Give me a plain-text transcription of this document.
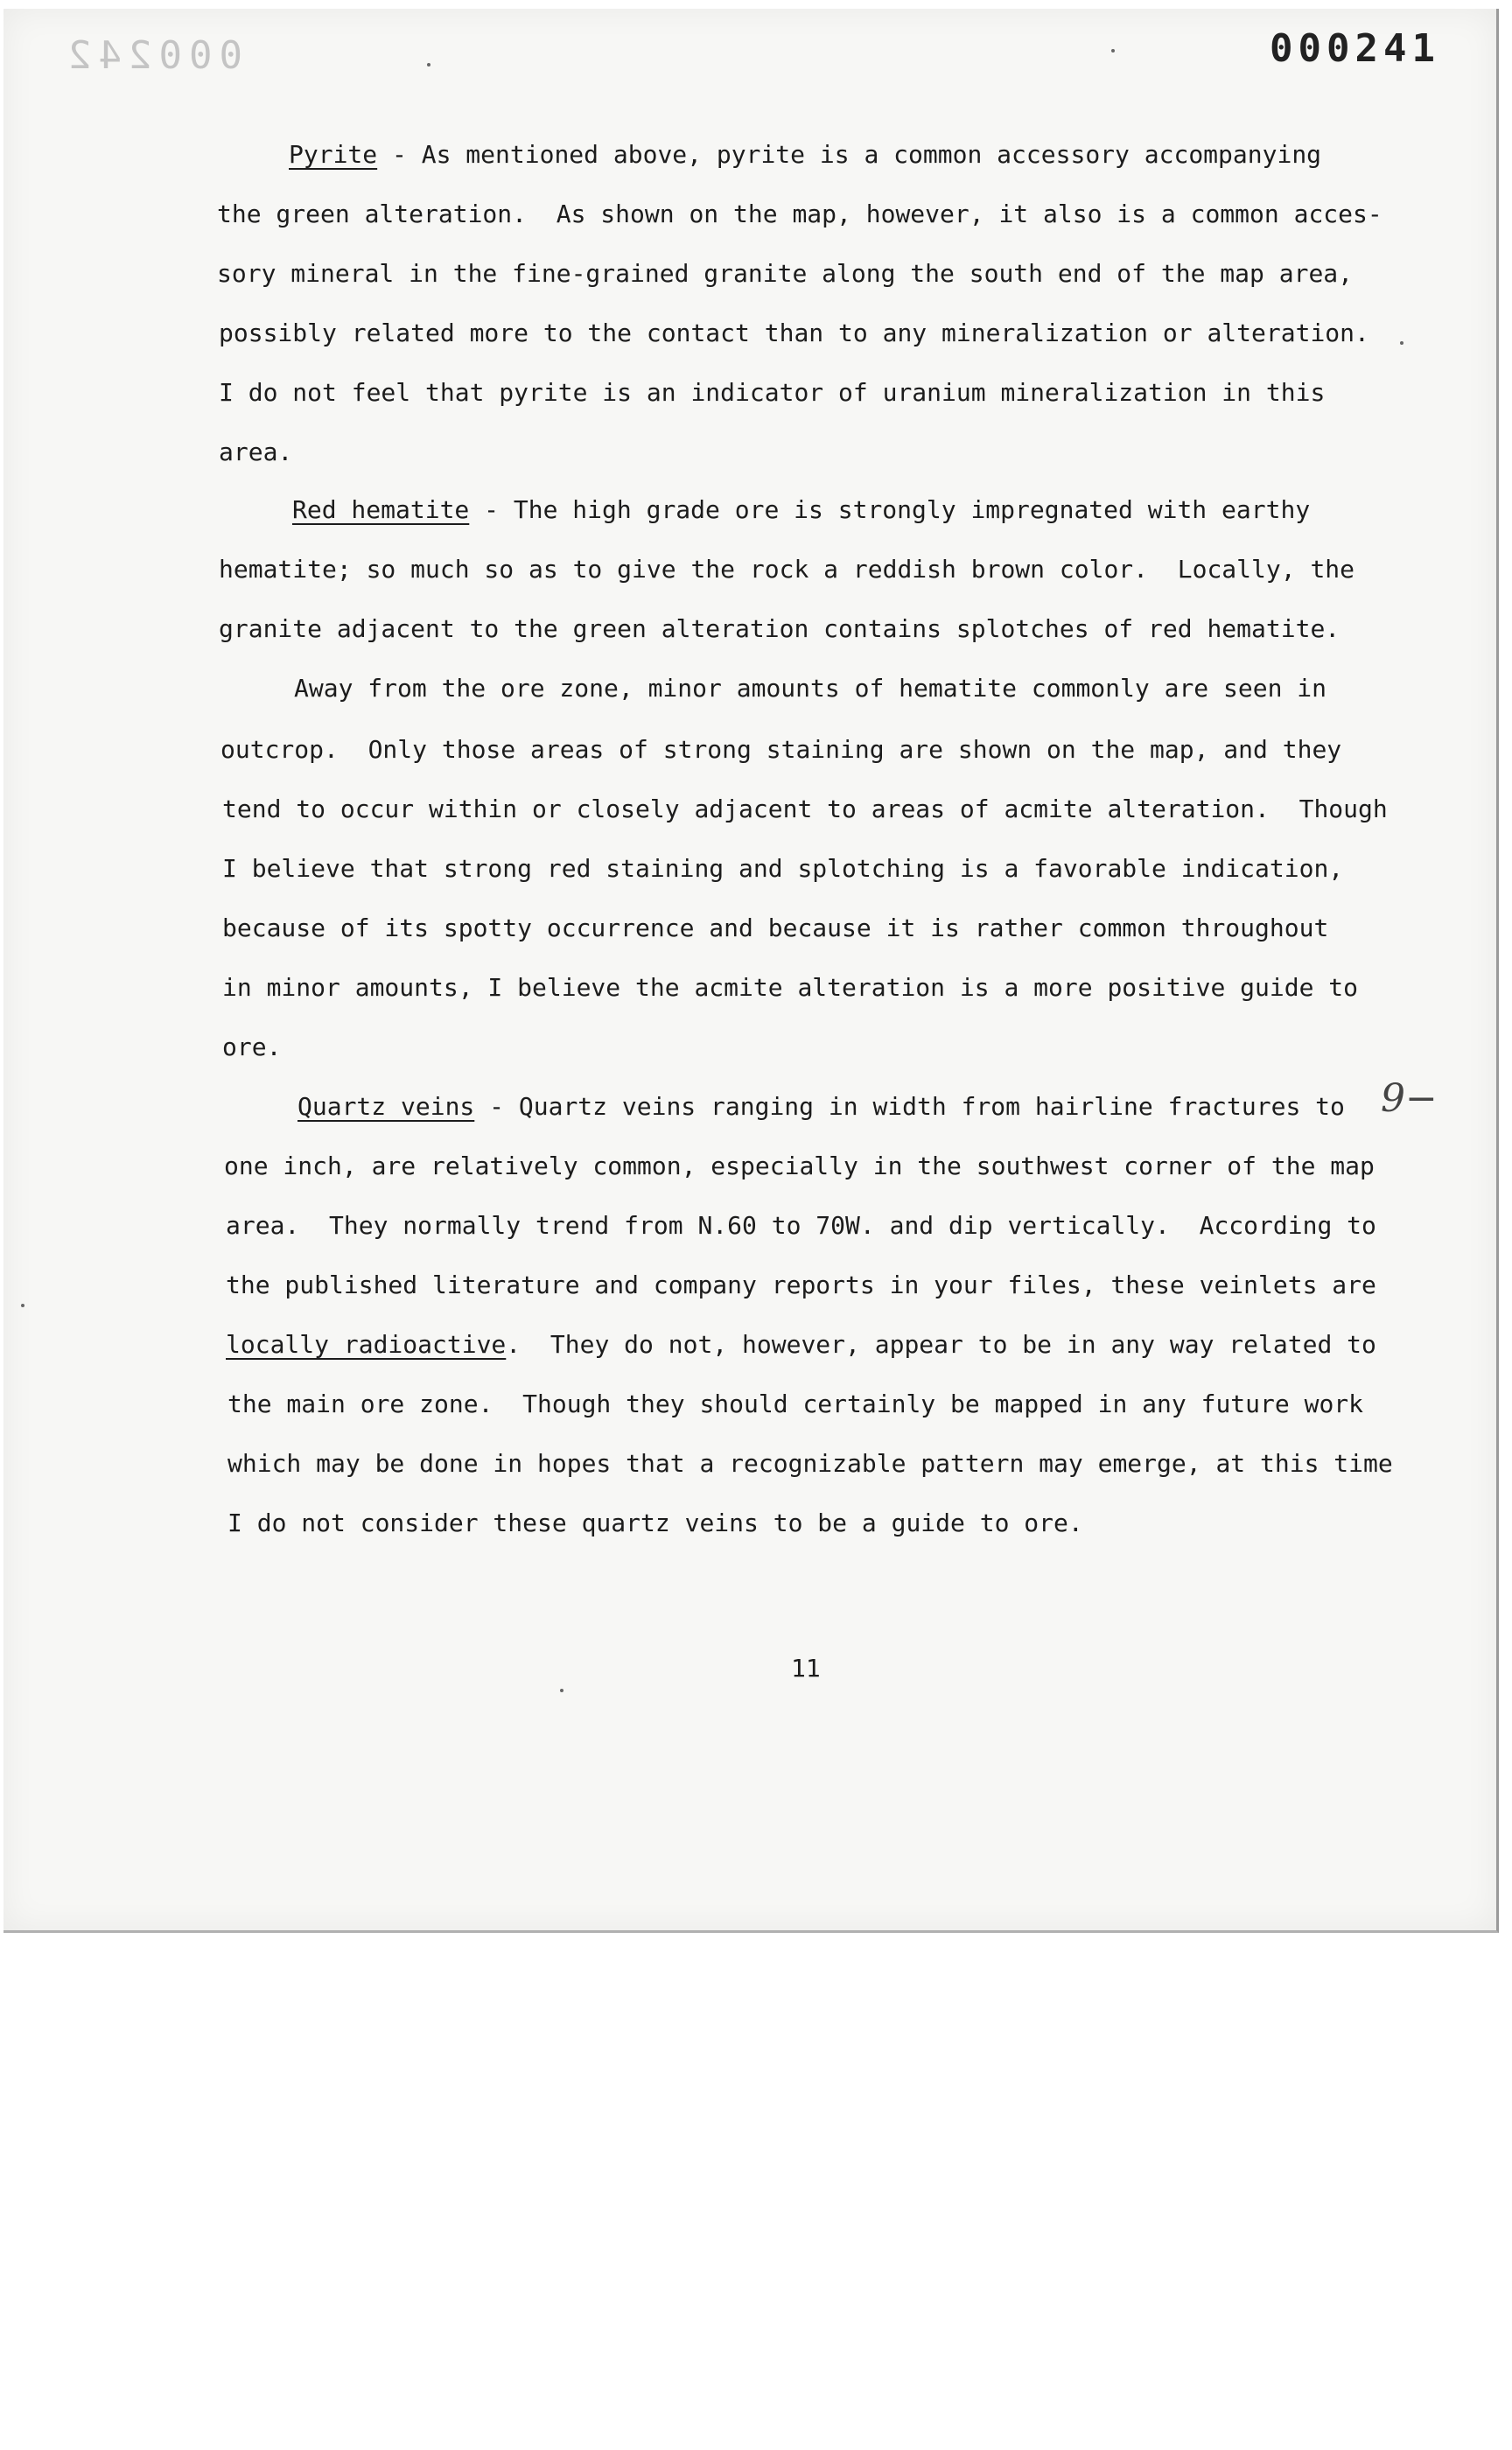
000242	000241
9−
Pyrite - As mentioned above, pyrite is a common accessory accompanying
the green alteration.  As shown on the map, however, it also is a common acces-
sory mineral in the fine-grained granite along the south end of the map area,
possibly related more to the contact than to any mineralization or alteration.
I do not feel that pyrite is an indicator of uranium mineralization in this
area.
Red hematite - The high grade ore is strongly impregnated with earthy
hematite; so much so as to give the rock a reddish brown color.  Locally, the
granite adjacent to the green alteration contains splotches of red hematite.
Away from the ore zone, minor amounts of hematite commonly are seen in
outcrop.  Only those areas of strong staining are shown on the map, and they
tend to occur within or closely adjacent to areas of acmite alteration.  Though
I believe that strong red staining and splotching is a favorable indication,
because of its spotty occurrence and because it is rather common throughout
in minor amounts, I believe the acmite alteration is a more positive guide to
ore.
Quartz veins - Quartz veins ranging in width from hairline fractures to
one inch, are relatively common, especially in the southwest corner of the map
area.  They normally trend from N.60 to 70W. and dip vertically.  According to
the published literature and company reports in your files, these veinlets are
locally radioactive.  They do not, however, appear to be in any way related to
the main ore zone.  Though they should certainly be mapped in any future work
which may be done in hopes that a recognizable pattern may emerge, at this time
I do not consider these quartz veins to be a guide to ore.
11
